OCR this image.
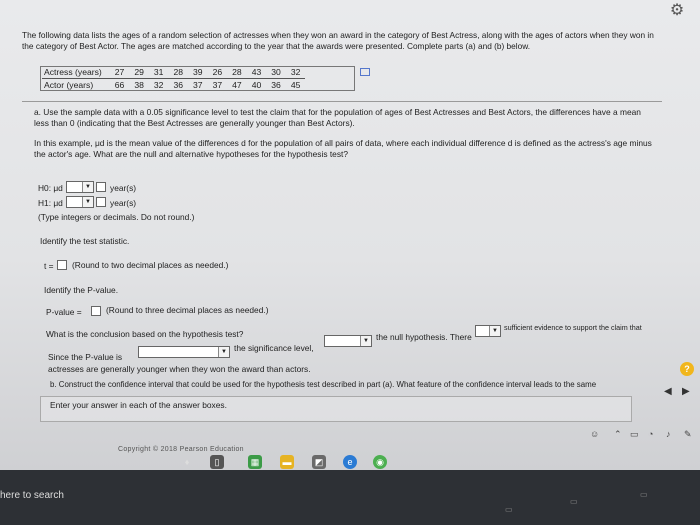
⚙
The following data lists the ages of a random selection of actresses when they won an award in the category of Best Actress, along with the ages of actors when they won in the category of Best Actor. The ages are matched according to the year that the awards were presented. Complete parts (a) and (b) below.
Actress (years)	27	29	31	28	39	26	28	43	30	32
Actor (years)	66	38	32	36	37	37	47	40	36	45
a. Use the sample data with a 0.05 significance level to test the claim that for the population of ages of Best Actresses and Best Actors, the differences have a mean less than 0 (indicating that the Best Actresses are generally younger than Best Actors).
In this example, μd is the mean value of the differences d for the population of all pairs of data, where each individual difference d is defined as the actress's age minus the actor's age. What are the null and alternative hypotheses for the hypothesis test?
H0: μd	▼ year(s)
H1: μd	▼ year(s)
(Type integers or decimals. Do not round.)
Identify the test statistic.
t = (Round to two decimal places as needed.)
Identify the P-value.
P-value =	(Round to three decimal places as needed.)
What is the conclusion based on the hypothesis test?
Since the P-value is	▼ the significance level,
▼ the null hypothesis. There
▼ sufficient evidence to support the claim that
actresses are generally younger when they won the award than actors.
b. Construct the confidence interval that could be used for the hypothesis test described in part (a). What feature of the confidence interval leads to the same
?
◀ ▶
Enter your answer in each of the answer boxes.
Copyright © 2018 Pearson Education
☺ ⌃ ▭ ◔ ♪ ✎
♦	▯	▦	▬	◩	e	◉
here to search
▭
▭
▭
